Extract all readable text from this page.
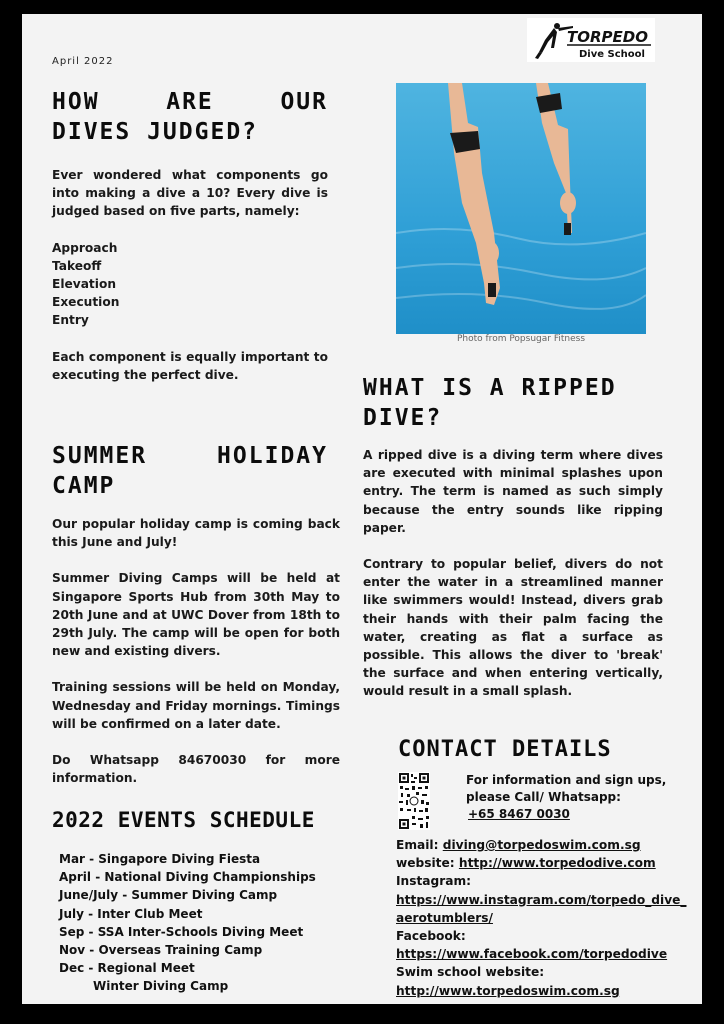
April 2022
TORPEDO
Dive School
HOW ARE OUR
DIVES JUDGED?

Ever wondered what components go into making a dive a 10? Every dive is judged based on five parts, namely:

Approach
Takeoff
Elevation
Execution
Entry

Each component is equally important to executing the perfect dive.

SUMMER HOLIDAY
CAMP

Our popular holiday camp is coming back this June and July!

Summer Diving Camps will be held at Singapore Sports Hub from 30th May to 20th June and at UWC Dover from 18th to 29th July. The camp will be open for both new and existing divers.

Training sessions will be held on Monday, Wednesday and Friday mornings. Timings will be confirmed on a later date.

Do Whatsapp 84670030 for more information.

2022 EVENTS SCHEDULE
Mar - Singapore Diving Fiesta
April - National Diving Championships
June/July - Summer Diving Camp
July - Inter Club Meet
Sep - SSA Inter-Schools Diving Meet
Nov - Overseas Training Camp
Dec - Regional Meet
Winter Diving Camp
Photo from Popsugar Fitness
WHAT IS A RIPPED
DIVE?

A ripped dive is a diving term where dives are executed with minimal splashes upon entry. The term is named as such simply because the entry sounds like ripping paper.

Contrary to popular belief, divers do not enter the water in a streamlined manner like swimmers would! Instead, divers grab their hands with their palm facing the water, creating as flat a surface as possible. This allows the diver to 'break' the surface and when entering vertically, would result in a small splash.

CONTACT DETAILS
For information and sign ups,
please Call/ Whatsapp:
+65 8467 0030
Email: diving@torpedoswim.com.sg
website: http://www.torpedodive.com
Instagram:
https://www.instagram.com/torpedo_dive_aerotumblers/
Facebook:
https://www.facebook.com/torpedodive
Swim school website:
http://www.torpedoswim.com.sg
